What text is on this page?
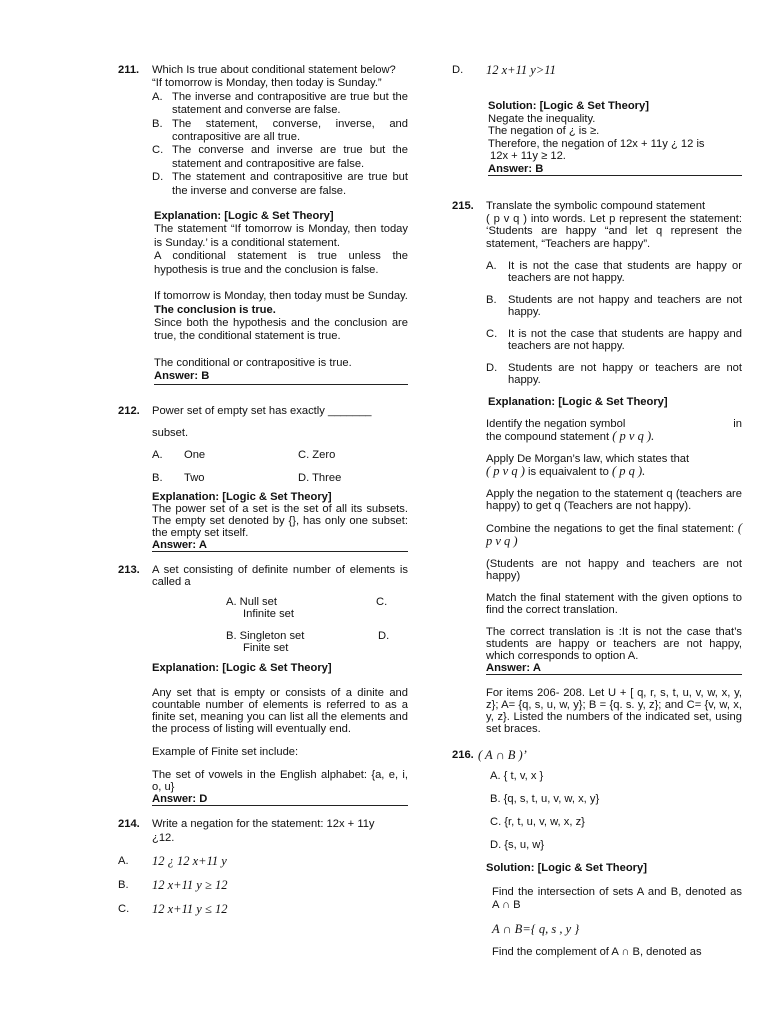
211.	Which Is true about conditional statement below?
“If tomorrow is Monday, then today is Sunday.”
A. The inverse and contrapositive are true but the statement and converse are false.
B. The statement, converse, inverse, and contrapositive are all true.
C. The converse and inverse are true but the statement and contrapositive are false.
D. The statement and contrapositive are true but the inverse and converse are false.
Explanation: [Logic & Set Theory]
The statement “If tomorrow is Monday, then today is Sunday.’ is a conditional statement.
A conditional statement is true unless the hypothesis is true and the conclusion is false.
If tomorrow is Monday, then today must be Sunday.
The conclusion is true.
Since both the hypothesis and the conclusion are true, the conditional statement is true.
The conditional or contrapositive is true.
Answer: B
212.	Power set of empty set has exactly _______
subset.
A. One	C. Zero
B. Two	D. Three
Explanation: [Logic & Set Theory]
The power set of a set is the set of all its subsets. The empty set denoted by {}, has only one subset: the empty set itself.
Answer: A
213.	A set consisting of definite number of elements is called a
A. Null set	C.
Infinite set
B. Singleton set	D.
Finite set
Explanation: [Logic & Set Theory]
Any set that is empty or consists of a dinite and countable number of elements is referred to as a finite set, meaning you can list all the elements and the process of listing will eventually end.
Example of Finite set include:
The set of vowels in the English alphabet: {a, e, i, o, u}
Answer: D
214.	Write a negation for the statement: 12x + 11y
¿12.
A.	12 ¿ 12 x+11 y
B.	12 x+11 y ≥ 12
C.	12 x+11 y ≤ 12
D.	12 x+11 y>11
Solution: [Logic & Set Theory]
Negate the inequality.
The negation of ¿ is ≥.
Therefore, the negation of 12x + 11y ¿ 12 is
12x + 11y ≥ 12.
Answer: B
215.	Translate the symbolic compound statement
( p v q ) into words. Let p represent the statement: ‘Students are happy “and let q represent the statement, “Teachers are happy”.
A.	It is not the case that students are happy or teachers are not happy.
B.	Students are not happy and teachers are not happy.
C. It is not the case that students are happy and teachers are not happy.
D. Students are not happy or teachers are not happy.
Explanation: [Logic & Set Theory]
Identify the negation symbol	in
the compound statement ( p v q ).
Apply De Morgan’s law, which states that
( p v q ) is equaivalent to ( p q ).
Apply the negation to the statement q (teachers are happy) to get q (Teachers are not happy).
Combine the negations to get the final statement: ( p v q )
(Students are not happy and teachers are not happy)
Match the final statement with the given options to find the correct translation.
The correct translation is :It is not the case that’s students are happy or teachers are not happy, which corresponds to option A.
Answer: A
For items 206- 208. Let U + [ q, r, s, t, u, v, w, x, y, z}; A= {q, s, u, w, y}; B = {q. s. y, z}; and C= {v, w, x, y, z}. Listed the numbers of the indicated set, using set braces.
216. ( A ∩ B )’
A. { t, v, x }
B. {q, s, t, u, v, w, x, y}
C. {r, t, u, v, w, x, z}
D. {s, u, w}
Solution: [Logic & Set Theory]
Find the intersection of sets A and B, denoted as A ∩ B
A ∩ B={ q, s , y }
Find the complement of A ∩ B, denoted as
